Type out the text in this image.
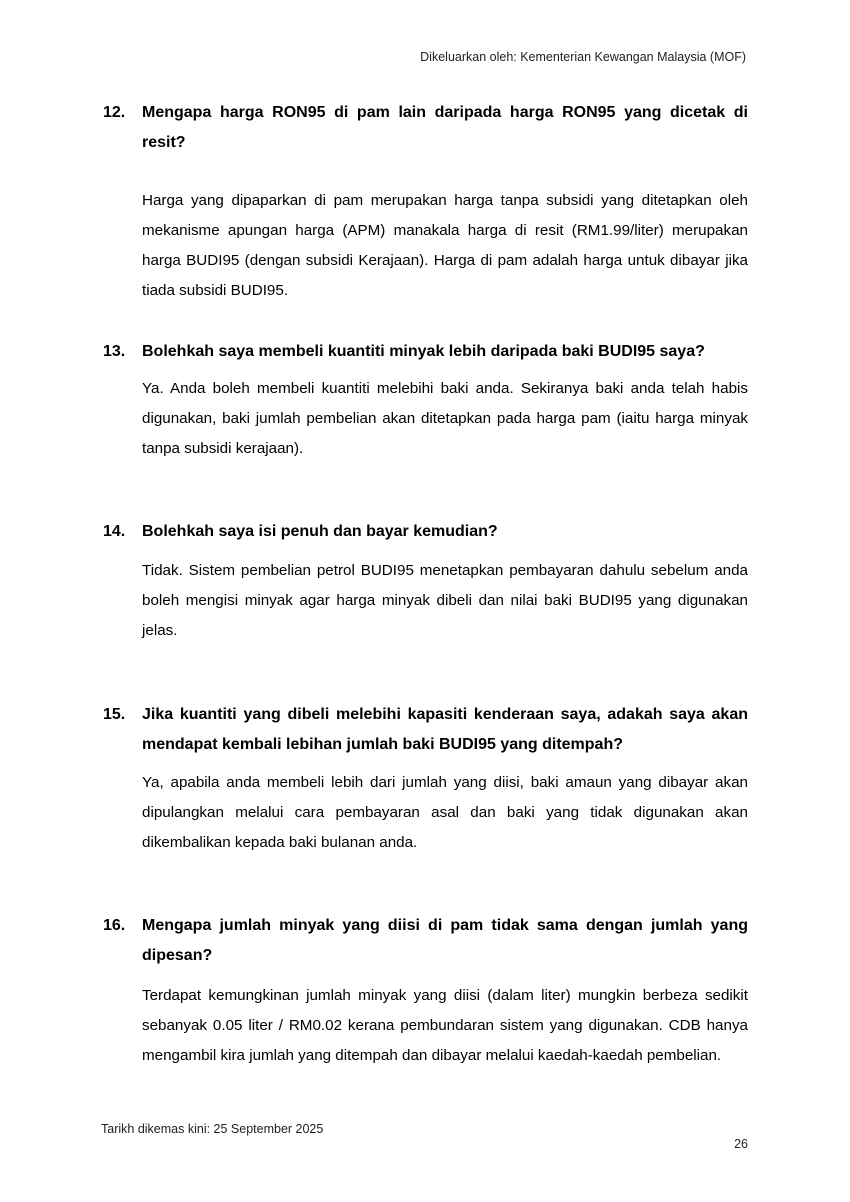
Dikeluarkan oleh: Kementerian Kewangan Malaysia (MOF)
12. Mengapa harga RON95 di pam lain daripada harga RON95 yang dicetak di resit?
Harga yang dipaparkan di pam merupakan harga tanpa subsidi yang ditetapkan oleh mekanisme apungan harga (APM) manakala harga di resit (RM1.99/liter) merupakan harga BUDI95 (dengan subsidi Kerajaan). Harga di pam adalah harga untuk dibayar jika tiada subsidi BUDI95.
13. Bolehkah saya membeli kuantiti minyak lebih daripada baki BUDI95 saya?
Ya. Anda boleh membeli kuantiti melebihi baki anda. Sekiranya baki anda telah habis digunakan, baki jumlah pembelian akan ditetapkan pada harga pam (iaitu harga minyak tanpa subsidi kerajaan).
14. Bolehkah saya isi penuh dan bayar kemudian?
Tidak. Sistem pembelian petrol BUDI95 menetapkan pembayaran dahulu sebelum anda boleh mengisi minyak agar harga minyak dibeli dan nilai baki BUDI95 yang digunakan jelas.
15. Jika kuantiti yang dibeli melebihi kapasiti kenderaan saya, adakah saya akan mendapat kembali lebihan jumlah baki BUDI95 yang ditempah?
Ya, apabila anda membeli lebih dari jumlah yang diisi, baki amaun yang dibayar akan dipulangkan melalui cara pembayaran asal dan baki yang tidak digunakan akan dikembalikan kepada baki bulanan anda.
16. Mengapa jumlah minyak yang diisi di pam tidak sama dengan jumlah yang dipesan?
Terdapat kemungkinan jumlah minyak yang diisi (dalam liter) mungkin berbeza sedikit sebanyak 0.05 liter / RM0.02 kerana pembundaran sistem yang digunakan. CDB hanya mengambil kira jumlah yang ditempah dan dibayar melalui kaedah-kaedah pembelian.
Tarikh dikemas kini: 25 September 2025
26
